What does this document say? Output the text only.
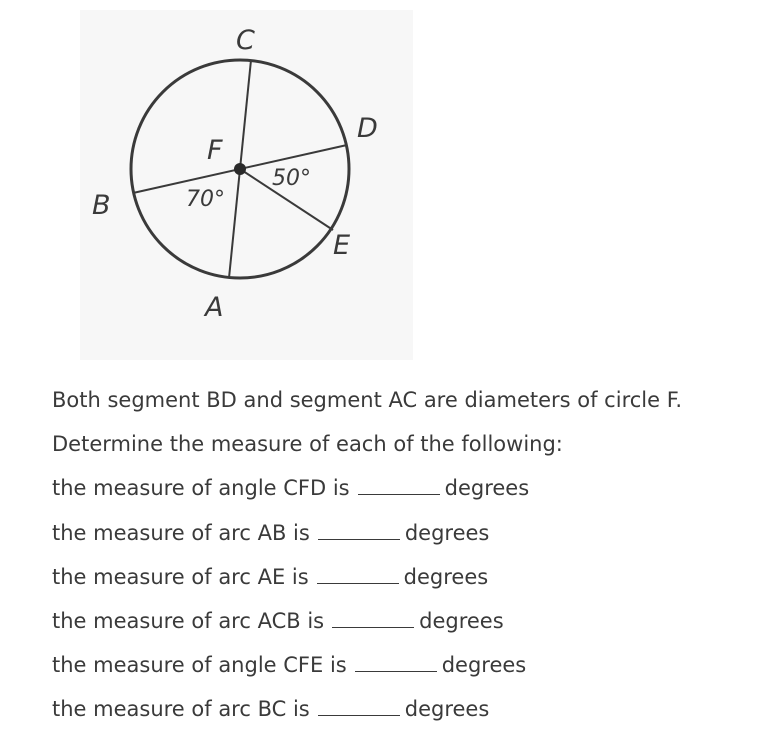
C
D
F
B
E
A
70°
50°
Both segment BD and segment AC are diameters of circle F.
Determine the measure of each of the following:
the measure of angle CFD is	degrees
the measure of arc AB is	degrees
the measure of arc AE is	degrees
the measure of arc ACB is	degrees
the measure of angle CFE is	degrees
the measure of arc BC is	degrees
